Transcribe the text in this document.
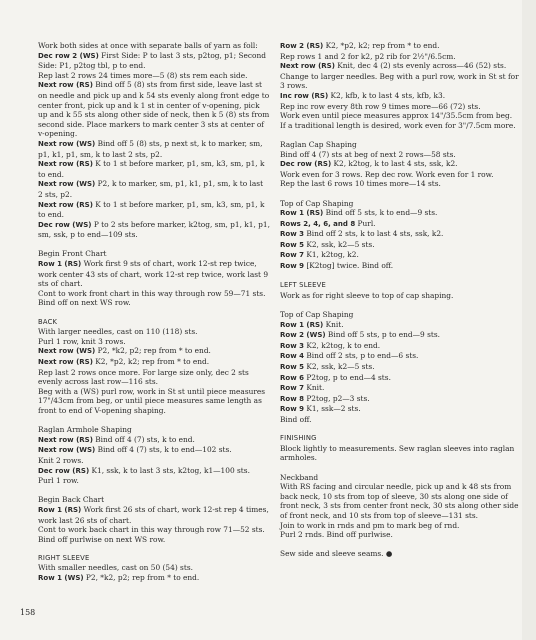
Work both sides at once with separate balls of yarn as foll:

Dec row 2 (WS) First Side: P to last 3 sts, p2tog, p1; Second Side: P1, p2tog tbl, p to end.

Rep last 2 rows 24 times more—5 (8) sts rem each side.

Next row (RS) Bind off 5 (8) sts from first side, leave last st on needle and pick up and k 54 sts evenly along front edge to center front, pick up and k 1 st in center of v-opening, pick up and k 55 sts along other side of neck, then k 5 (8) sts from second side. Place markers to mark center 3 sts at center of v-opening.

Next row (WS) Bind off 5 (8) sts, p next st, k to marker, sm, p1, k1, p1, sm, k to last 2 sts, p2.

Next row (RS) K to 1 st before marker, p1, sm, k3, sm, p1, k to end.

Next row (WS) P2, k to marker, sm, p1, k1, p1, sm, k to last 2 sts, p2.

Next row (RS) K to 1 st before marker, p1, sm, k3, sm, p1, k to end.

Dec row (WS) P to 2 sts before marker, k2tog, sm, p1, k1, p1, sm, ssk, p to end—109 sts.

Begin Front Chart

Row 1 (RS) Work first 9 sts of chart, work 12-st rep twice, work center 43 sts of chart, work 12-st rep twice, work last 9 sts of chart.

Cont to work front chart in this way through row 59—71 sts. Bind off on next WS row.

BACK

With larger needles, cast on 110 (118) sts.

Purl 1 row, knit 3 rows.

Next row (WS) P2, *k2, p2; rep from * to end.

Next row (RS) K2, *p2, k2; rep from * to end.

Rep last 2 rows once more. For large size only, dec 2 sts evenly across last row—116 sts.

Beg with a (WS) purl row, work in St st until piece measures 17"/43cm from beg, or until piece measures same length as front to end of V-opening shaping.

Raglan Armhole Shaping

Next row (RS) Bind off 4 (7) sts, k to end.

Next row (WS) Bind off 4 (7) sts, k to end—102 sts.

Knit 2 rows.

Dec row (RS) K1, ssk, k to last 3 sts, k2tog, k1—100 sts.

Purl 1 row.

Begin Back Chart

Row 1 (RS) Work first 26 sts of chart, work 12-st rep 4 times, work last 26 sts of chart.

Cont to work back chart in this way through row 71—52 sts. Bind off purlwise on next WS row.

RIGHT SLEEVE

With smaller needles, cast on 50 (54) sts.

Row 1 (WS) P2, *k2, p2; rep from * to end.

Row 2 (RS) K2, *p2, k2; rep from * to end.

Rep rows 1 and 2 for k2, p2 rib for 2½"/6.5cm.

Next row (RS) Knit, dec 4 (2) sts evenly across—46 (52) sts.

Change to larger needles. Beg with a purl row, work in St st for 3 rows.

Inc row (RS) K2, kfb, k to last 4 sts, kfb, k3.

Rep inc row every 8th row 9 times more—66 (72) sts.

Work even until piece measures approx 14"/35.5cm from beg.

If a traditional length is desired, work even for 3"/7.5cm more.

Raglan Cap Shaping

Bind off 4 (7) sts at beg of next 2 rows—58 sts.

Dec row (RS) K2, k2tog, k to last 4 sts, ssk, k2.

Work even for 3 rows. Rep dec row. Work even for 1 row.

Rep the last 6 rows 10 times more—14 sts.

Top of Cap Shaping

Row 1 (RS) Bind off 5 sts, k to end—9 sts.

Rows 2, 4, 6, and 8 Purl.

Row 3 Bind off 2 sts, k to last 4 sts, ssk, k2.

Row 5 K2, ssk, k2—5 sts.

Row 7 K1, k2tog, k2.

Row 9 [K2tog] twice. Bind off.

LEFT SLEEVE

Work as for right sleeve to top of cap shaping.

Top of Cap Shaping

Row 1 (RS) Knit.

Row 2 (WS) Bind off 5 sts, p to end—9 sts.

Row 3 K2, k2tog, k to end.

Row 4 Bind off 2 sts, p to end—6 sts.

Row 5 K2, ssk, k2—5 sts.

Row 6 P2tog, p to end—4 sts.

Row 7 Knit.

Row 8 P2tog, p2—3 sts.

Row 9 K1, ssk—2 sts.

Bind off.

FINISHING

Block lightly to measurements. Sew raglan sleeves into raglan armholes.

Neckband

With RS facing and circular needle, pick up and k 48 sts from back neck, 10 sts from top of sleeve, 30 sts along one side of front neck, 3 sts from center front neck, 30 sts along other side of front neck, and 10 sts from top of sleeve—131 sts.

Join to work in rnds and pm to mark beg of rnd.

Purl 2 rnds. Bind off purlwise.

Sew side and sleeve seams. ●

158
